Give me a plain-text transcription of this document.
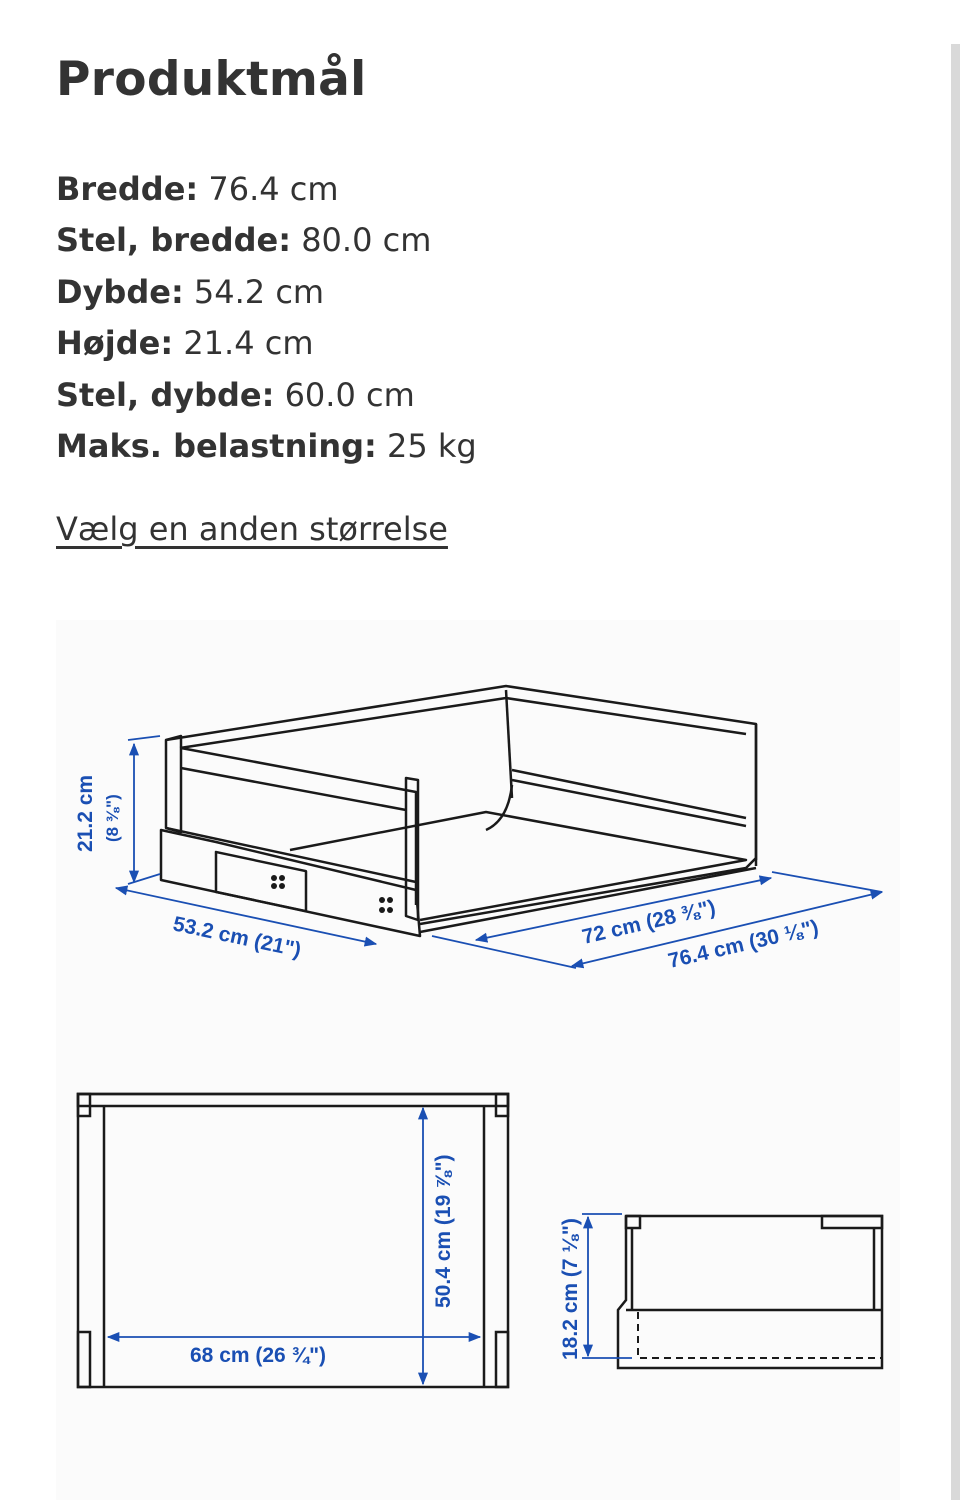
Produktmål
Bredde: 76.4 cm
Stel, bredde: 80.0 cm
Dybde: 54.2 cm
Højde: 21.4 cm
Stel, dybde: 60.0 cm
Maks. belastning: 25 kg
Vælg en anden størrelse
21.2 cm (8 ⅜")
53.2 cm (21")	72 cm (28 ⅜")
76.4 cm (30 ⅛")
68 cm (26 ¾")
50.4 cm (19 ⅞")	18.2 cm (7 ⅛")
